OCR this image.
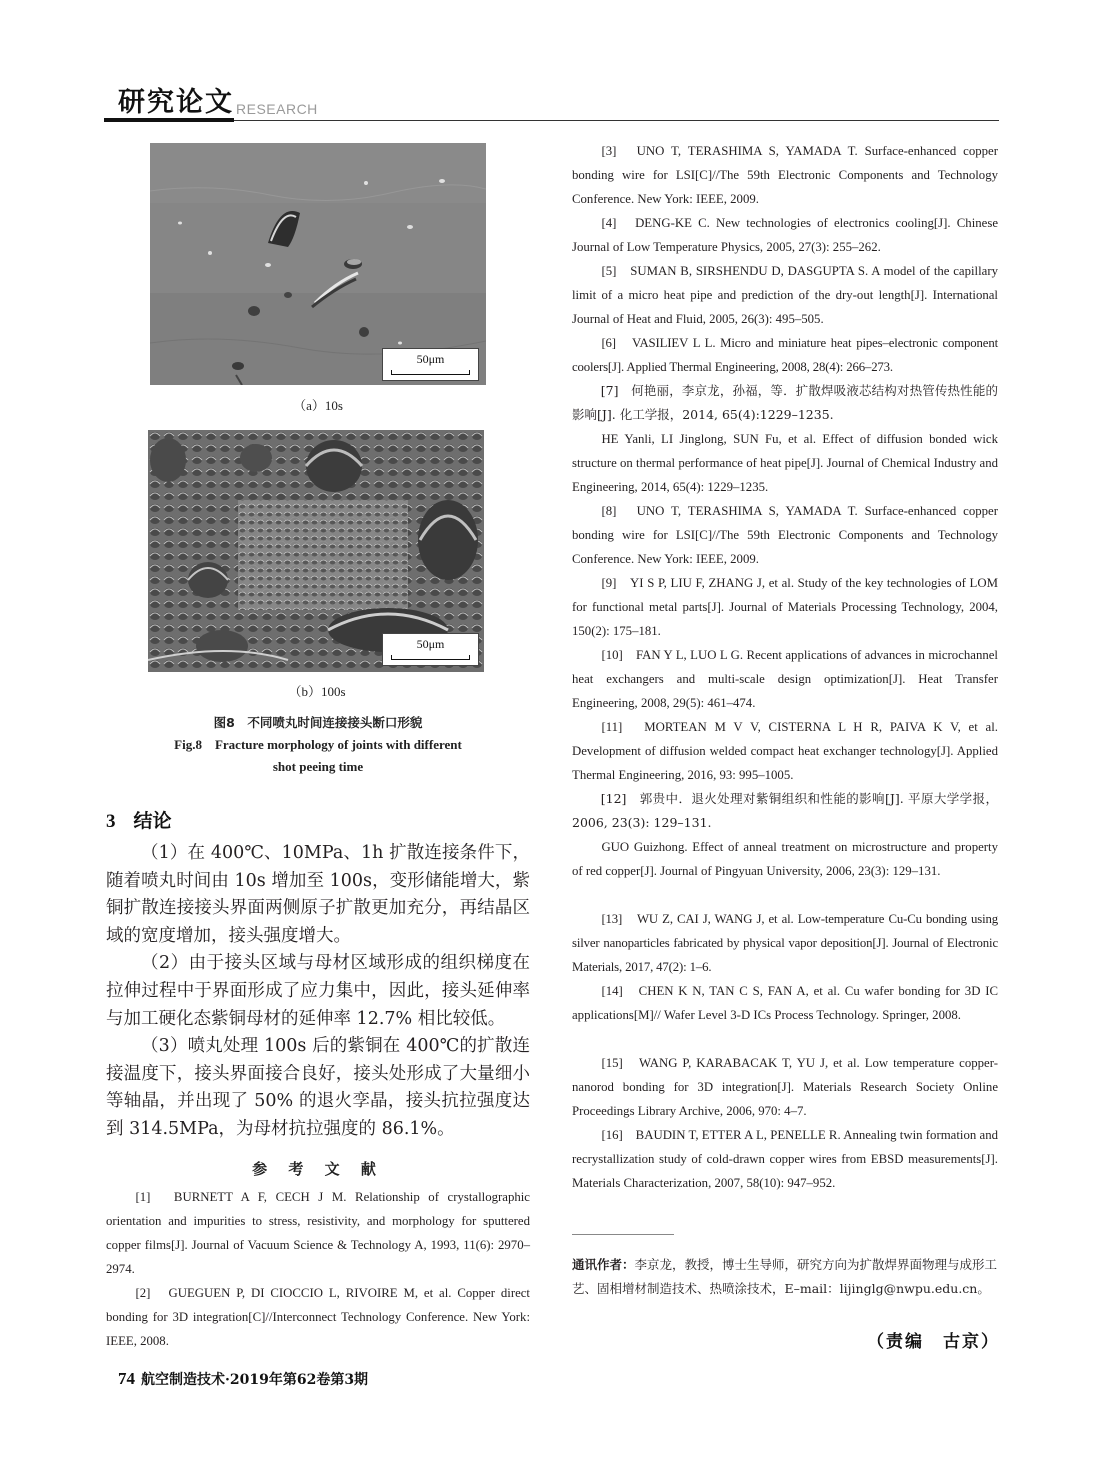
研究论文 RESEARCH
50μm
（a）10s
50μm
（b）100s
图8　不同喷丸时间连接接头断口形貌
Fig.8　Fracture morphology of joints with different
shot peeing time
3 结论
（1）在 400℃、10MPa、1h 扩散连接条件下，随着喷丸时间由 10s 增加至 100s，变形储能增大，紫铜扩散连接接头界面两侧原子扩散更加充分，再结晶区域的宽度增加，接头强度增大。
（2）由于接头区域与母材区域形成的组织梯度在拉伸过程中于界面形成了应力集中，因此，接头延伸率与加工硬化态紫铜母材的延伸率 12.7% 相比较低。
（3）喷丸处理 100s 后的紫铜在 400℃的扩散连接温度下，接头界面接合良好，接头处形成了大量细小等轴晶，并出现了 50% 的退火孪晶，接头抗拉强度达到 314.5MPa，为母材抗拉强度的 86.1%。
参 考 文 献
[1]　BURNETT A F, CECH J M. Relationship of crystallographic orientation and impurities to stress, resistivity, and morphology for sputtered copper films[J]. Journal of Vacuum Science & Technology A, 1993, 11(6): 2970–2974.
[2]　GUEGUEN P, DI CIOCCIO L, RIVOIRE M, et al. Copper direct bonding for 3D integration[C]//Interconnect Technology Conference. New York: IEEE, 2008.
[3]　UNO T, TERASHIMA S, YAMADA T. Surface-enhanced copper bonding wire for LSI[C]//The 59th Electronic Components and Technology Conference. New York: IEEE, 2009.
[4]　DENG-KE C. New technologies of electronics cooling[J]. Chinese Journal of Low Temperature Physics, 2005, 27(3): 255–262.
[5]　SUMAN B, SIRSHENDU D, DASGUPTA S. A model of the capillary limit of a micro heat pipe and prediction of the dry-out length[J]. International Journal of Heat and Fluid, 2005, 26(3): 495–505.
[6]　VASILIEV L L. Micro and miniature heat pipes–electronic component coolers[J]. Applied Thermal Engineering, 2008, 28(4): 266–273.
[7]　何艳丽，李京龙，孙福，等．扩散焊吸液芯结构对热管传热性能的影响[J]. 化工学报，2014, 65(4):1229–1235.
HE Yanli, LI Jinglong, SUN Fu, et al. Effect of diffusion bonded wick structure on thermal performance of heat pipe[J]. Journal of Chemical Industry and Engineering, 2014, 65(4): 1229–1235.
[8]　UNO T, TERASHIMA S, YAMADA T. Surface-enhanced copper bonding wire for LSI[C]//The 59th Electronic Components and Technology Conference. New York: IEEE, 2009.
[9]　YI S P, LIU F, ZHANG J, et al. Study of the key technologies of LOM for functional metal parts[J]. Journal of Materials Processing Technology, 2004, 150(2): 175–181.
[10]　FAN Y L, LUO L G. Recent applications of advances in microchannel heat exchangers and multi-scale design optimization[J]. Heat Transfer Engineering, 2008, 29(5): 461–474.
[11]　MORTEAN M V V, CISTERNA L H R, PAIVA K V, et al. Development of diffusion welded compact heat exchanger technology[J]. Applied Thermal Engineering, 2016, 93: 995–1005.
[12]　郭贵中．退火处理对紫铜组织和性能的影响[J]. 平原大学学报，2006, 23(3): 129–131.
GUO Guizhong. Effect of anneal treatment on microstructure and property of red copper[J]. Journal of Pingyuan University, 2006, 23(3): 129–131.
[13]　WU Z, CAI J, WANG J, et al. Low-temperature Cu-Cu bonding using silver nanoparticles fabricated by physical vapor deposition[J]. Journal of Electronic Materials, 2017, 47(2): 1–6.
[14]　CHEN K N, TAN C S, FAN A, et al. Cu wafer bonding for 3D IC applications[M]// Wafer Level 3-D ICs Process Technology. Springer, 2008.
[15]　WANG P, KARABACAK T, YU J, et al. Low temperature copper-nanorod bonding for 3D integration[J]. Materials Research Society Online Proceedings Library Archive, 2006, 970: 4–7.
[16]　BAUDIN T, ETTER A L, PENELLE R. Annealing twin formation and recrystallization study of cold-drawn copper wires from EBSD measurements[J]. Materials Characterization, 2007, 58(10): 947–952.
通讯作者：李京龙，教授，博士生导师，研究方向为扩散焊界面物理与成形工艺、固相增材制造技术、热喷涂技术，E–mail：lijinglg@nwpu.edu.cn。
（责编　古京）
74 航空制造技术·2019年第62卷第3期
